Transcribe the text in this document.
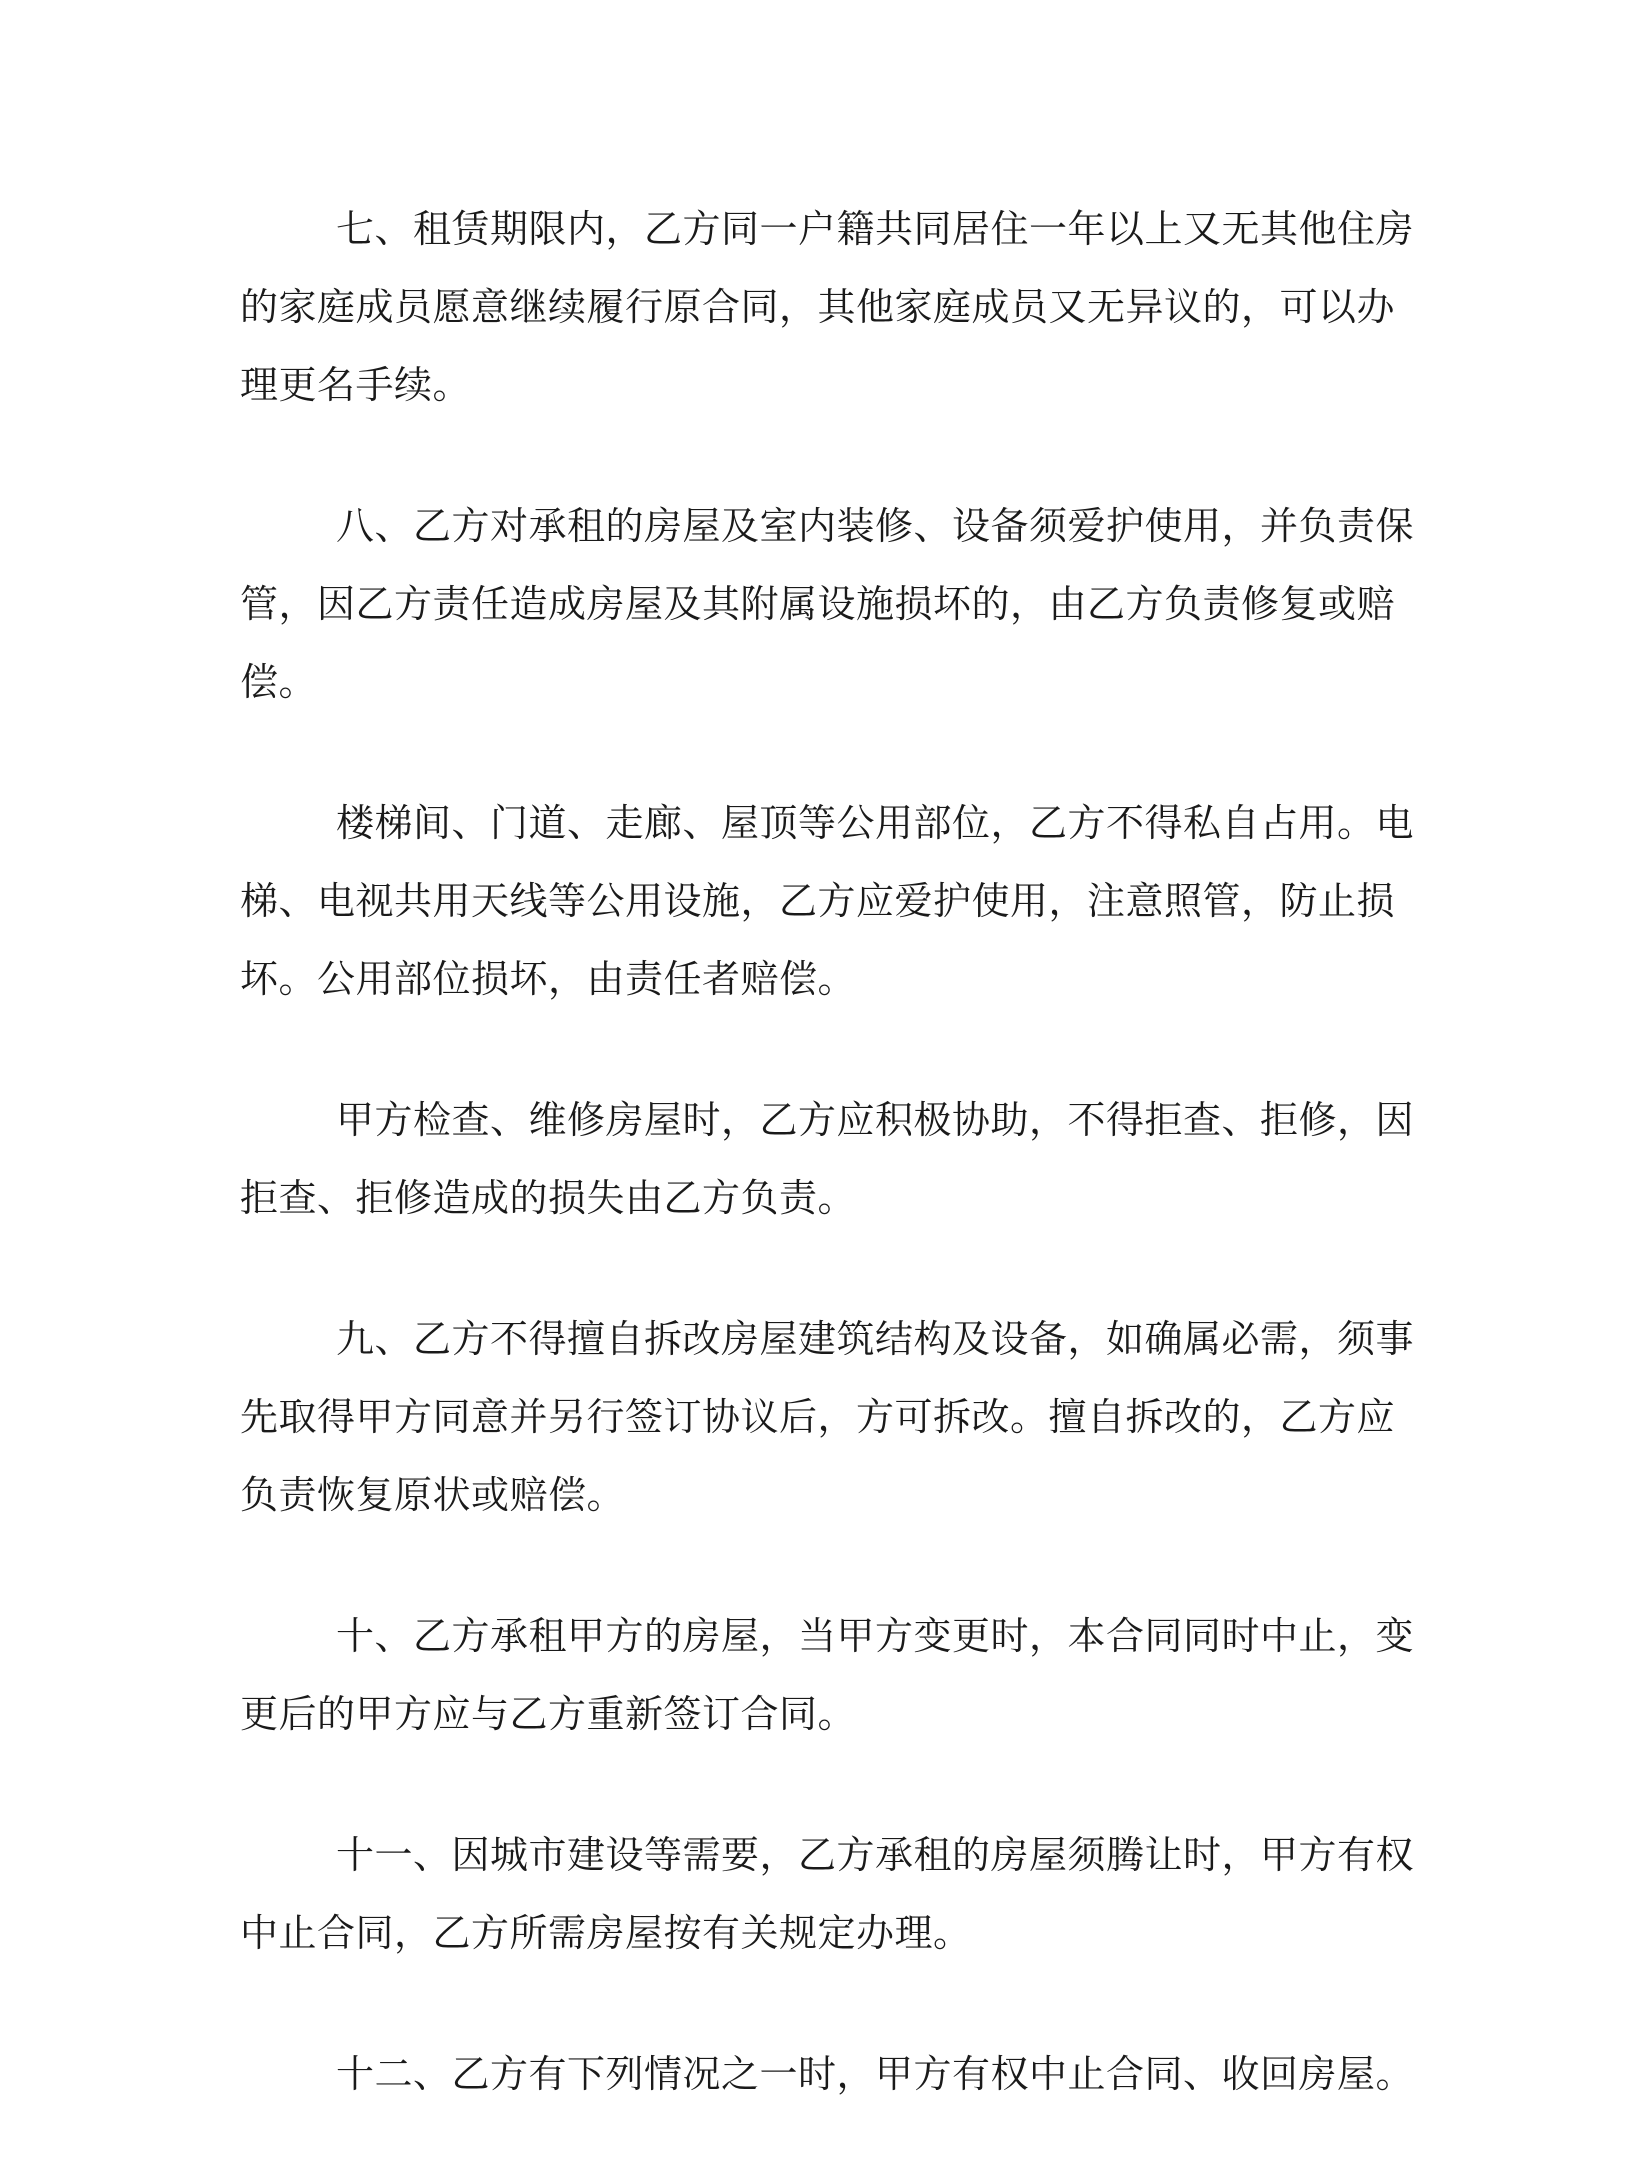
七、租赁期限内，乙方同一户籍共同居住一年以上又无其他住房
的家庭成员愿意继续履行原合同，其他家庭成员又无异议的，可以办
理更名手续。

八、乙方对承租的房屋及室内装修、设备须爱护使用，并负责保
管，因乙方责任造成房屋及其附属设施损坏的，由乙方负责修复或赔
偿。

楼梯间、门道、走廊、屋顶等公用部位，乙方不得私自占用。电
梯、电视共用天线等公用设施，乙方应爱护使用，注意照管，防止损
坏。公用部位损坏，由责任者赔偿。

甲方检查、维修房屋时，乙方应积极协助，不得拒查、拒修，因
拒查、拒修造成的损失由乙方负责。

九、乙方不得擅自拆改房屋建筑结构及设备，如确属必需，须事
先取得甲方同意并另行签订协议后，方可拆改。擅自拆改的，乙方应
负责恢复原状或赔偿。

十、乙方承租甲方的房屋，当甲方变更时，本合同同时中止，变
更后的甲方应与乙方重新签订合同。

十一、因城市建设等需要，乙方承租的房屋须腾让时，甲方有权
中止合同，乙方所需房屋按有关规定办理。

十二、乙方有下列情况之一时，甲方有权中止合同、收回房屋。
